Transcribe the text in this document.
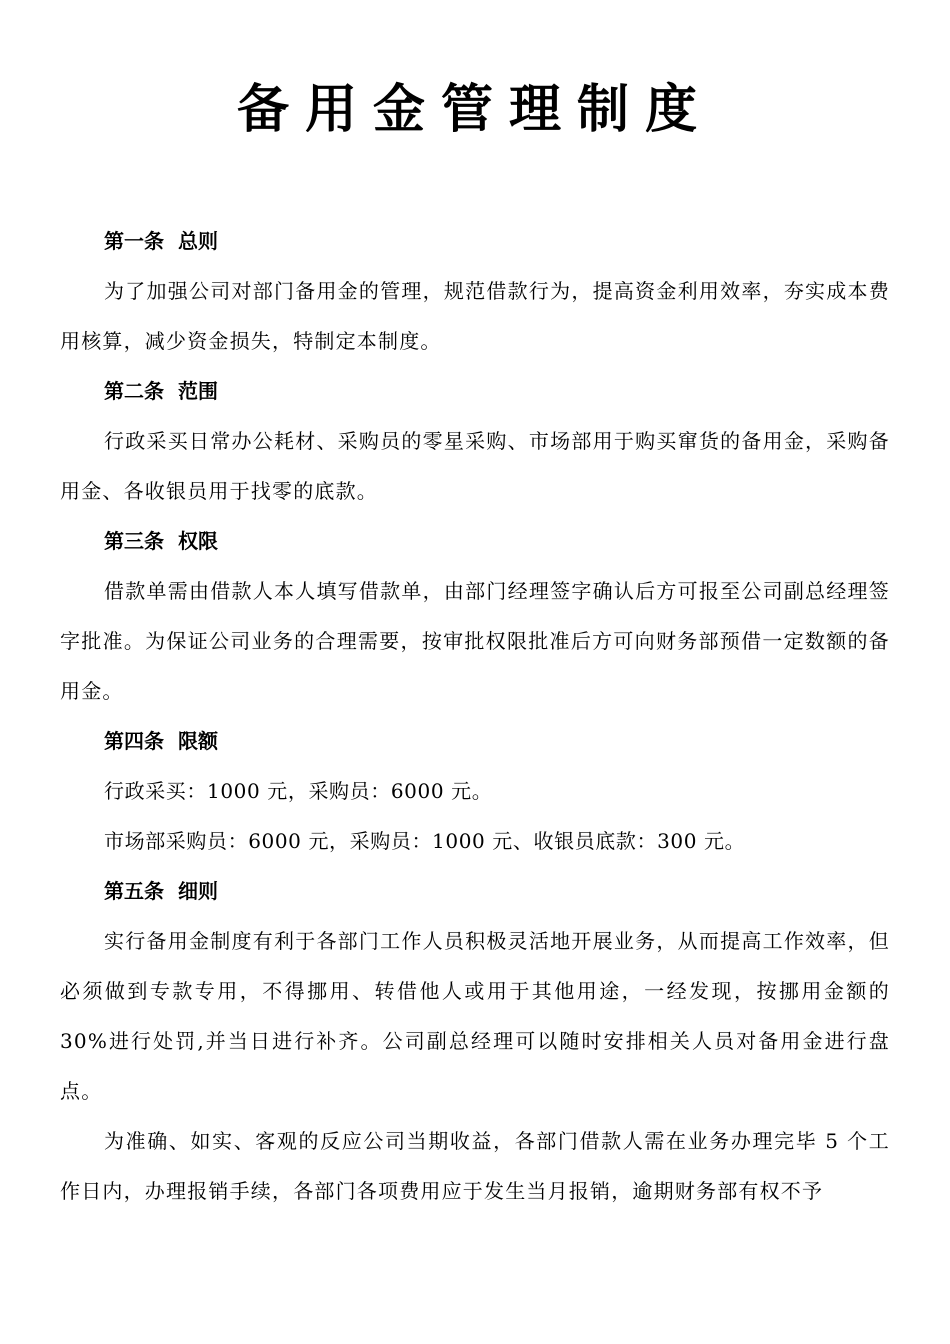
备用金管理制度
第一条 总则

为了加强公司对部门备用金的管理，规范借款行为，提高资金利用效率，夯实成本费用核算，减少资金损失，特制定本制度。

第二条 范围

行政采买日常办公耗材、采购员的零星采购、市场部用于购买窜货的备用金，采购备用金、各收银员用于找零的底款。

第三条 权限

借款单需由借款人本人填写借款单，由部门经理签字确认后方可报至公司副总经理签字批准。为保证公司业务的合理需要，按审批权限批准后方可向财务部预借一定数额的备用金。

第四条 限额

行政采买：1000 元，采购员：6000 元。

市场部采购员：6000 元，采购员：1000 元、收银员底款：300 元。

第五条 细则

实行备用金制度有利于各部门工作人员积极灵活地开展业务，从而提高工作效率，但必须做到专款专用，不得挪用、转借他人或用于其他用途，一经发现，按挪用金额的 30%进行处罚,并当日进行补齐。公司副总经理可以随时安排相关人员对备用金进行盘点。

为准确、如实、客观的反应公司当期收益，各部门借款人需在业务办理完毕 5 个工作日内，办理报销手续，各部门各项费用应于发生当月报销，逾期财务部有权不予
